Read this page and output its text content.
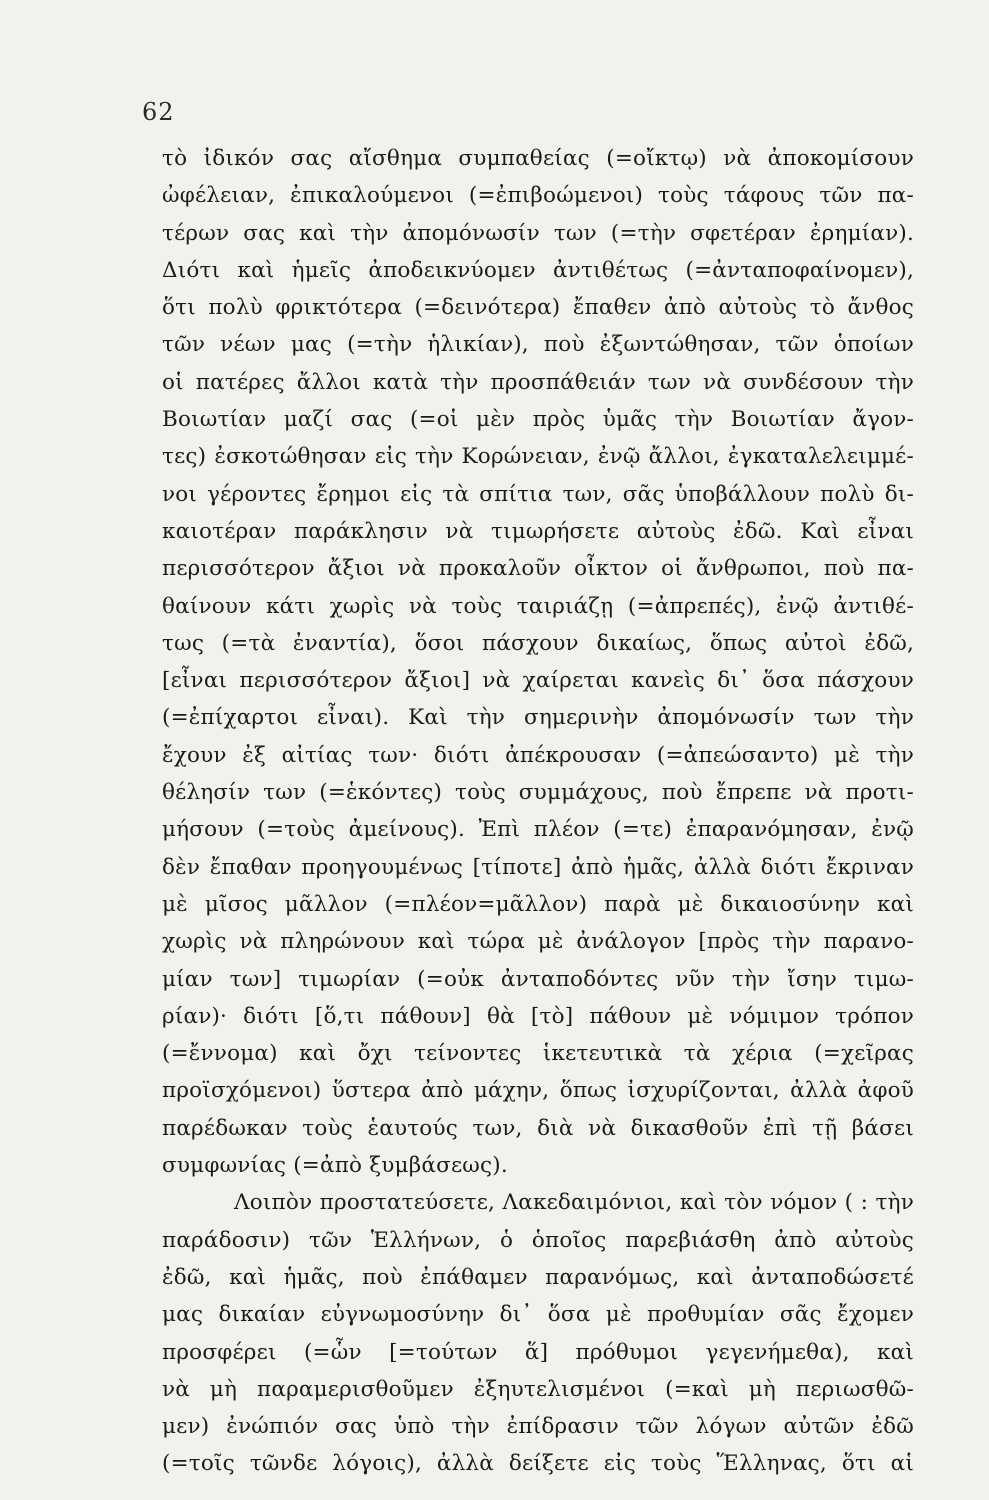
62
τὸ ἰδικόν σας αἴσθημα συμπαθείας (=οἴκτῳ) νὰ ἀποκομίσουν
ὠφέλειαν, ἐπικαλούμενοι (=ἐπιβοώμενοι) τοὺς τάφους τῶν πα-
τέρων σας καὶ τὴν ἀπομόνωσίν των (=τὴν σφετέραν ἐρημίαν).
Διότι καὶ ἡμεῖς ἀποδεικνύομεν ἀντιθέτως (=ἀνταποφαίνομεν),
ὅτι πολὺ φρικτότερα (=δεινότερα) ἔπαθεν ἀπὸ αὐτοὺς τὸ ἄνθος
τῶν νέων μας (=τὴν ἡλικίαν), ποὺ ἐξωντώθησαν, τῶν ὁποίων
οἱ πατέρες ἄλλοι κατὰ τὴν προσπάθειάν των νὰ συνδέσουν τὴν
Βοιωτίαν μαζί σας (=οἱ μὲν πρὸς ὑμᾶς τὴν Βοιωτίαν ἄγον-
τες) ἐσκοτώθησαν εἰς τὴν Κορώνειαν, ἐνῷ ἄλλοι, ἐγκαταλελειμμέ-
νοι γέροντες ἔρημοι εἰς τὰ σπίτια των, σᾶς ὑποβάλλουν πολὺ δι-
καιοτέραν παράκλησιν νὰ τιμωρήσετε αὐτοὺς ἐδῶ. Καὶ εἶναι
περισσότερον ἄξιοι νὰ προκαλοῦν οἶκτον οἱ ἄνθρωποι, ποὺ πα-
θαίνουν κάτι χωρὶς νὰ τοὺς ταιριάζῃ (=ἀπρεπές), ἐνῷ ἀντιθέ-
τως (=τὰ ἐναντία), ὅσοι πάσχουν δικαίως, ὅπως αὐτοὶ ἐδῶ,
[εἶναι περισσότερον ἄξιοι] νὰ χαίρεται κανεὶς δι᾿ ὅσα πάσχουν
(=ἐπίχαρτοι εἶναι). Καὶ τὴν σημερινὴν ἀπομόνωσίν των τὴν
ἔχουν ἐξ αἰτίας των· διότι ἀπέκρουσαν (=ἀπεώσαντο) μὲ τὴν
θέλησίν των (=ἑκόντες) τοὺς συμμάχους, ποὺ ἔπρεπε νὰ προτι-
μήσουν (=τοὺς ἀμείνους). Ἐπὶ πλέον (=τε) ἐπαρανόμησαν, ἐνῷ
δὲν ἔπαθαν προηγουμένως [τίποτε] ἀπὸ ἡμᾶς, ἀλλὰ διότι ἔκριναν
μὲ μῖσος μᾶλλον (=πλέον=μᾶλλον) παρὰ μὲ δικαιοσύνην καὶ
χωρὶς νὰ πληρώνουν καὶ τώρα μὲ ἀνάλογον [πρὸς τὴν παρανο-
μίαν των] τιμωρίαν (=οὐκ ἀνταποδόντες νῦν τὴν ἴσην τιμω-
ρίαν)· διότι [ὅ,τι πάθουν] θὰ [τὸ] πάθουν μὲ νόμιμον τρόπον
(=ἔννομα) καὶ ὄχι τείνοντες ἱκετευτικὰ τὰ χέρια (=χεῖρας
προϊσχόμενοι) ὕστερα ἀπὸ μάχην, ὅπως ἰσχυρίζονται, ἀλλὰ ἀφοῦ
παρέδωκαν τοὺς ἑαυτούς των, διὰ νὰ δικασθοῦν ἐπὶ τῇ βάσει
συμφωνίας (=ἀπὸ ξυμβάσεως).
Λοιπὸν προστατεύσετε, Λακεδαιμόνιοι, καὶ τὸν νόμον ( : τὴν
παράδοσιν) τῶν Ἑλλήνων, ὁ ὁποῖος παρεβιάσθη ἀπὸ αὐτοὺς
ἐδῶ, καὶ ἡμᾶς, ποὺ ἐπάθαμεν παρανόμως, καὶ ἀνταποδώσετέ
μας δικαίαν εὐγνωμοσύνην δι᾿ ὅσα μὲ προθυμίαν σᾶς ἔχομεν
προσφέρει (=ὧν [=τούτων ἅ] πρόθυμοι γεγενήμεθα), καὶ
νὰ μὴ παραμερισθοῦμεν ἐξηυτελισμένοι (=καὶ μὴ περιωσθῶ-
μεν) ἐνώπιόν σας ὑπὸ τὴν ἐπίδρασιν τῶν λόγων αὐτῶν ἐδῶ
(=τοῖς τῶνδε λόγοις), ἀλλὰ δείξετε εἰς τοὺς Ἕλληνας, ὅτι αἱ
